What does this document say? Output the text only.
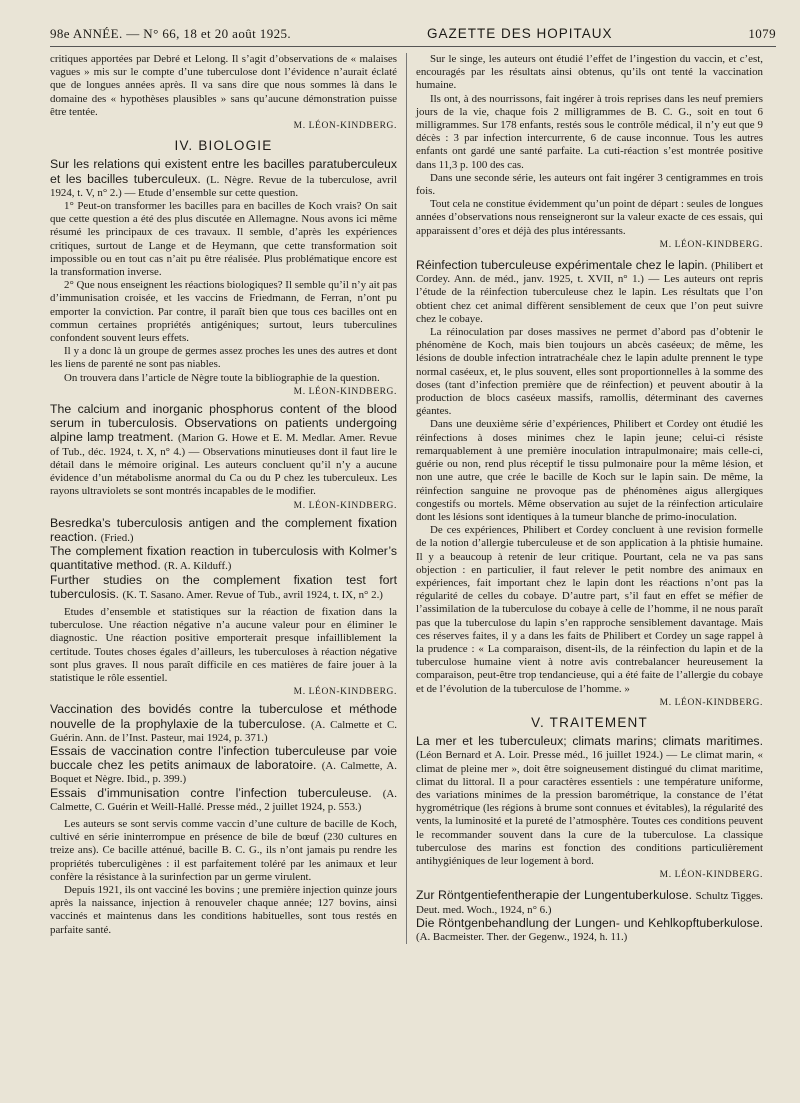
98e ANNÉE. — N° 66, 18 et 20 août 1925.	GAZETTE DES HOPITAUX	1079

critiques apportées par Debré et Lelong. Il s’agit d’observations de « malaises vagues » mis sur le compte d’une tuberculose dont l’évidence n’aurait éclaté que de longues années après. Il va sans dire que nous sommes là dans le domaine des « hypothèses plausibles » sans qu’aucune démonstration puisse être tentée.

M. LÉON-KINDBERG.
IV. BIOLOGIE

Sur les relations qui existent entre les bacilles paratuberculeux et les bacilles tuberculeux. (L. Nègre. Revue de la tuberculose, avril 1924, t. V, n° 2.) — Etude d’ensemble sur cette question.

1° Peut-on transformer les bacilles para en bacilles de Koch vrais? On sait que cette question a été des plus discutée en Allemagne. Nous avons ici même résumé les principaux de ces travaux. Il semble, d’après les expériences critiques, surtout de Lange et de Heymann, que cette transformation soit impossible ou en tout cas n’ait pu être réalisée. Plus problématique encore est la transformation inverse.

2° Que nous enseignent les réactions biologiques? Il semble qu’il n’y ait pas d’immunisation croisée, et les vaccins de Friedmann, de Ferran, n’ont pu emporter la conviction. Par contre, il paraît bien que tous ces bacilles ont en commun certaines propriétés antigéniques; surtout, leurs tuberculines confondent souvent leurs effets.

Il y a donc là un groupe de germes assez proches les unes des autres et dont les liens de parenté ne sont pas niables.

On trouvera dans l’article de Nègre toute la bibliographie de la question.

M. LÉON-KINDBERG.

The calcium and inorganic phosphorus content of the blood serum in tuberculosis. Observations on patients undergoing alpine lamp treatment. (Marion G. Howe et E. M. Medlar. Amer. Revue of Tub., déc. 1924, t. X, n° 4.) — Observations minutieuses dont il faut lire le détail dans le mémoire original. Les auteurs concluent qu’il n’y a aucune évidence d’un métabolisme anormal du Ca ou du P chez les tuberculeux. Les rayons ultraviolets se sont montrés incapables de le modifier.

M. LÉON-KINDBERG.

Besredka’s tuberculosis antigen and the complement fixation reaction. (Fried.)

The complement fixation reaction in tuberculosis with Kolmer’s quantitative method. (R. A. Kilduff.)

Further studies on the complement fixation test fort tuberculosis. (K. T. Sasano. Amer. Revue of Tub., avril 1924, t. IX, n° 2.)

Etudes d’ensemble et statistiques sur la réaction de fixation dans la tuberculose. Une réaction négative n’a aucune valeur pour en éliminer le diagnostic. Une réaction positive emporterait presque infailliblement la certitude. Toutes choses égales d’ailleurs, les tuberculoses à réaction négative sont plus graves. Il nous paraît difficile en ces matières de faire jouer à la statistique le rôle essentiel.

M. LÉON-KINDBERG.

Vaccination des bovidés contre la tuberculose et méthode nouvelle de la prophylaxie de la tuberculose. (A. Calmette et C. Guérin. Ann. de l’Inst. Pasteur, mai 1924, p. 371.)

Essais de vaccination contre l’infection tuberculeuse par voie buccale chez les petits animaux de laboratoire. (A. Calmette, A. Boquet et Nègre. Ibid., p. 399.)

Essais d’immunisation contre l’infection tuberculeuse. (A. Calmette, C. Guérin et Weill-Hallé. Presse méd., 2 juillet 1924, p. 553.)

Les auteurs se sont servis comme vaccin d’une culture de bacille de Koch, cultivé en série ininterrompue en présence de bile de bœuf (230 cultures en treize ans). Ce bacille atténué, bacille B. C. G., ils n’ont jamais pu rendre les propriétés tuberculigènes : il est parfaitement toléré par les animaux et leur confère la résistance à la surinfection par un germe virulent.

Depuis 1921, ils ont vacciné les bovins ; une première injection quinze jours après la naissance, injection à renouveler chaque année; 127 bovins, ainsi vaccinés et maintenus dans les conditions habituelles, sont tous restés en parfaite santé.

Sur le singe, les auteurs ont étudié l’effet de l’ingestion du vaccin, et c’est, encouragés par les résultats ainsi obtenus, qu’ils ont tenté la vaccination humaine.

Ils ont, à des nourrissons, fait ingérer à trois reprises dans les neuf premiers jours de la vie, chaque fois 2 milligrammes de B. C. G., soit en tout 6 milligrammes. Sur 178 enfants, restés sous le contrôle médical, il n’y eut que 9 décès : 3 par infection intercurrente, 6 de cause inconnue. Tous les autres enfants ont gardé une santé parfaite. La cuti-réaction s’est montrée positive dans 11,3 p. 100 des cas.

Dans une seconde série, les auteurs ont fait ingérer 3 centigrammes en trois fois.

Tout cela ne constitue évidemment qu’un point de départ : seules de longues années d’observations nous renseigneront sur la valeur exacte de ces essais, qui apparaissent d’ores et déjà des plus intéressants.

M. LÉON-KINDBERG.

Réinfection tuberculeuse expérimentale chez le lapin. (Philibert et Cordey. Ann. de méd., janv. 1925, t. XVII, n° 1.) — Les auteurs ont repris l’étude de la réinfection tuberculeuse chez le lapin. Les résultats que l’on obtient chez cet animal diffèrent sensiblement de ceux que l’on peut suivre chez le cobaye.

La réinoculation par doses massives ne permet d’abord pas d’obtenir le phénomène de Koch, mais bien toujours un abcès caséeux; de même, les lésions de double infection intratrachéale chez le lapin adulte prennent le type normal caséeux, et, le plus souvent, elles sont proportionnelles à la somme des doses (tant d’infection première que de réinfection) et peuvent aboutir à la production de blocs caséeux massifs, ramollis, déterminant des cavernes géantes.

Dans une deuxième série d’expériences, Philibert et Cordey ont étudié les réinfections à doses minimes chez le lapin jeune; celui-ci résiste remarquablement à une première inoculation intrapulmonaire; mais celle-ci, guérie ou non, rend plus réceptif le tissu pulmonaire pour la même lésion, et non une autre, que crée le bacille de Koch sur le lapin sain. De même, la réinfection sanguine ne provoque pas de phénomènes aigus allergiques congestifs ou mortels. Même observation au sujet de la réinfection articulaire dont les lésions sont identiques à la tumeur blanche de primo-inoculation.

De ces expériences, Philibert et Cordey concluent à une revision formelle de la notion d’allergie tuberculeuse et de son application à la phtisie humaine. Il y a beaucoup à retenir de leur critique. Pourtant, cela ne va pas sans objection : en particulier, il faut relever le petit nombre des animaux en expériences, fait important chez le lapin dont les réactions n’ont pas la régularité de celles du cobaye. D’autre part, s’il faut en effet se méfier de l’assimilation de la tuberculose du cobaye à celle de l’homme, il ne nous paraît pas que la tuberculose du lapin s’en rapproche sensiblement davantage. Mais ces réserves faites, il y a dans les faits de Philibert et Cordey un sage rappel à la prudence : « La comparaison, disent-ils, de la réinfection du lapin et de la tuberculose humaine vient à notre avis contrebalancer heureusement la comparaison, peut-être trop tendancieuse, qui a été faite de l’allergie du cobaye et de l’évolution de la tuberculose de l’homme. »

M. LÉON-KINDBERG.
V. TRAITEMENT

La mer et les tuberculeux; climats marins; climats maritimes. (Léon Bernard et A. Loir. Presse méd., 16 juillet 1924.) — Le climat marin, « climat de pleine mer », doit être soigneusement distingué du climat maritime, climat du littoral. Il a pour caractères essentiels : une température uniforme, des variations minimes de la pression barométrique, la constance de l’état hygrométrique (les régions à brume sont connues et évitables), la régularité des vents, la luminosité et la pureté de l’atmosphère. Toutes ces conditions peuvent le recommander souvent dans la cure de la tuberculose. La classique tuberculose des marins est fonction des conditions particulièrement antihygiéniques de leur logement à bord.

M. LÉON-KINDBERG.

Zur Röntgentiefentherapie der Lungentuberkulose. Schultz Tigges. Deut. med. Woch., 1924, n° 6.)

Die Röntgenbehandlung der Lungen- und Kehlkopftuberkulose. (A. Bacmeister. Ther. der Gegenw., 1924, h. 11.)
